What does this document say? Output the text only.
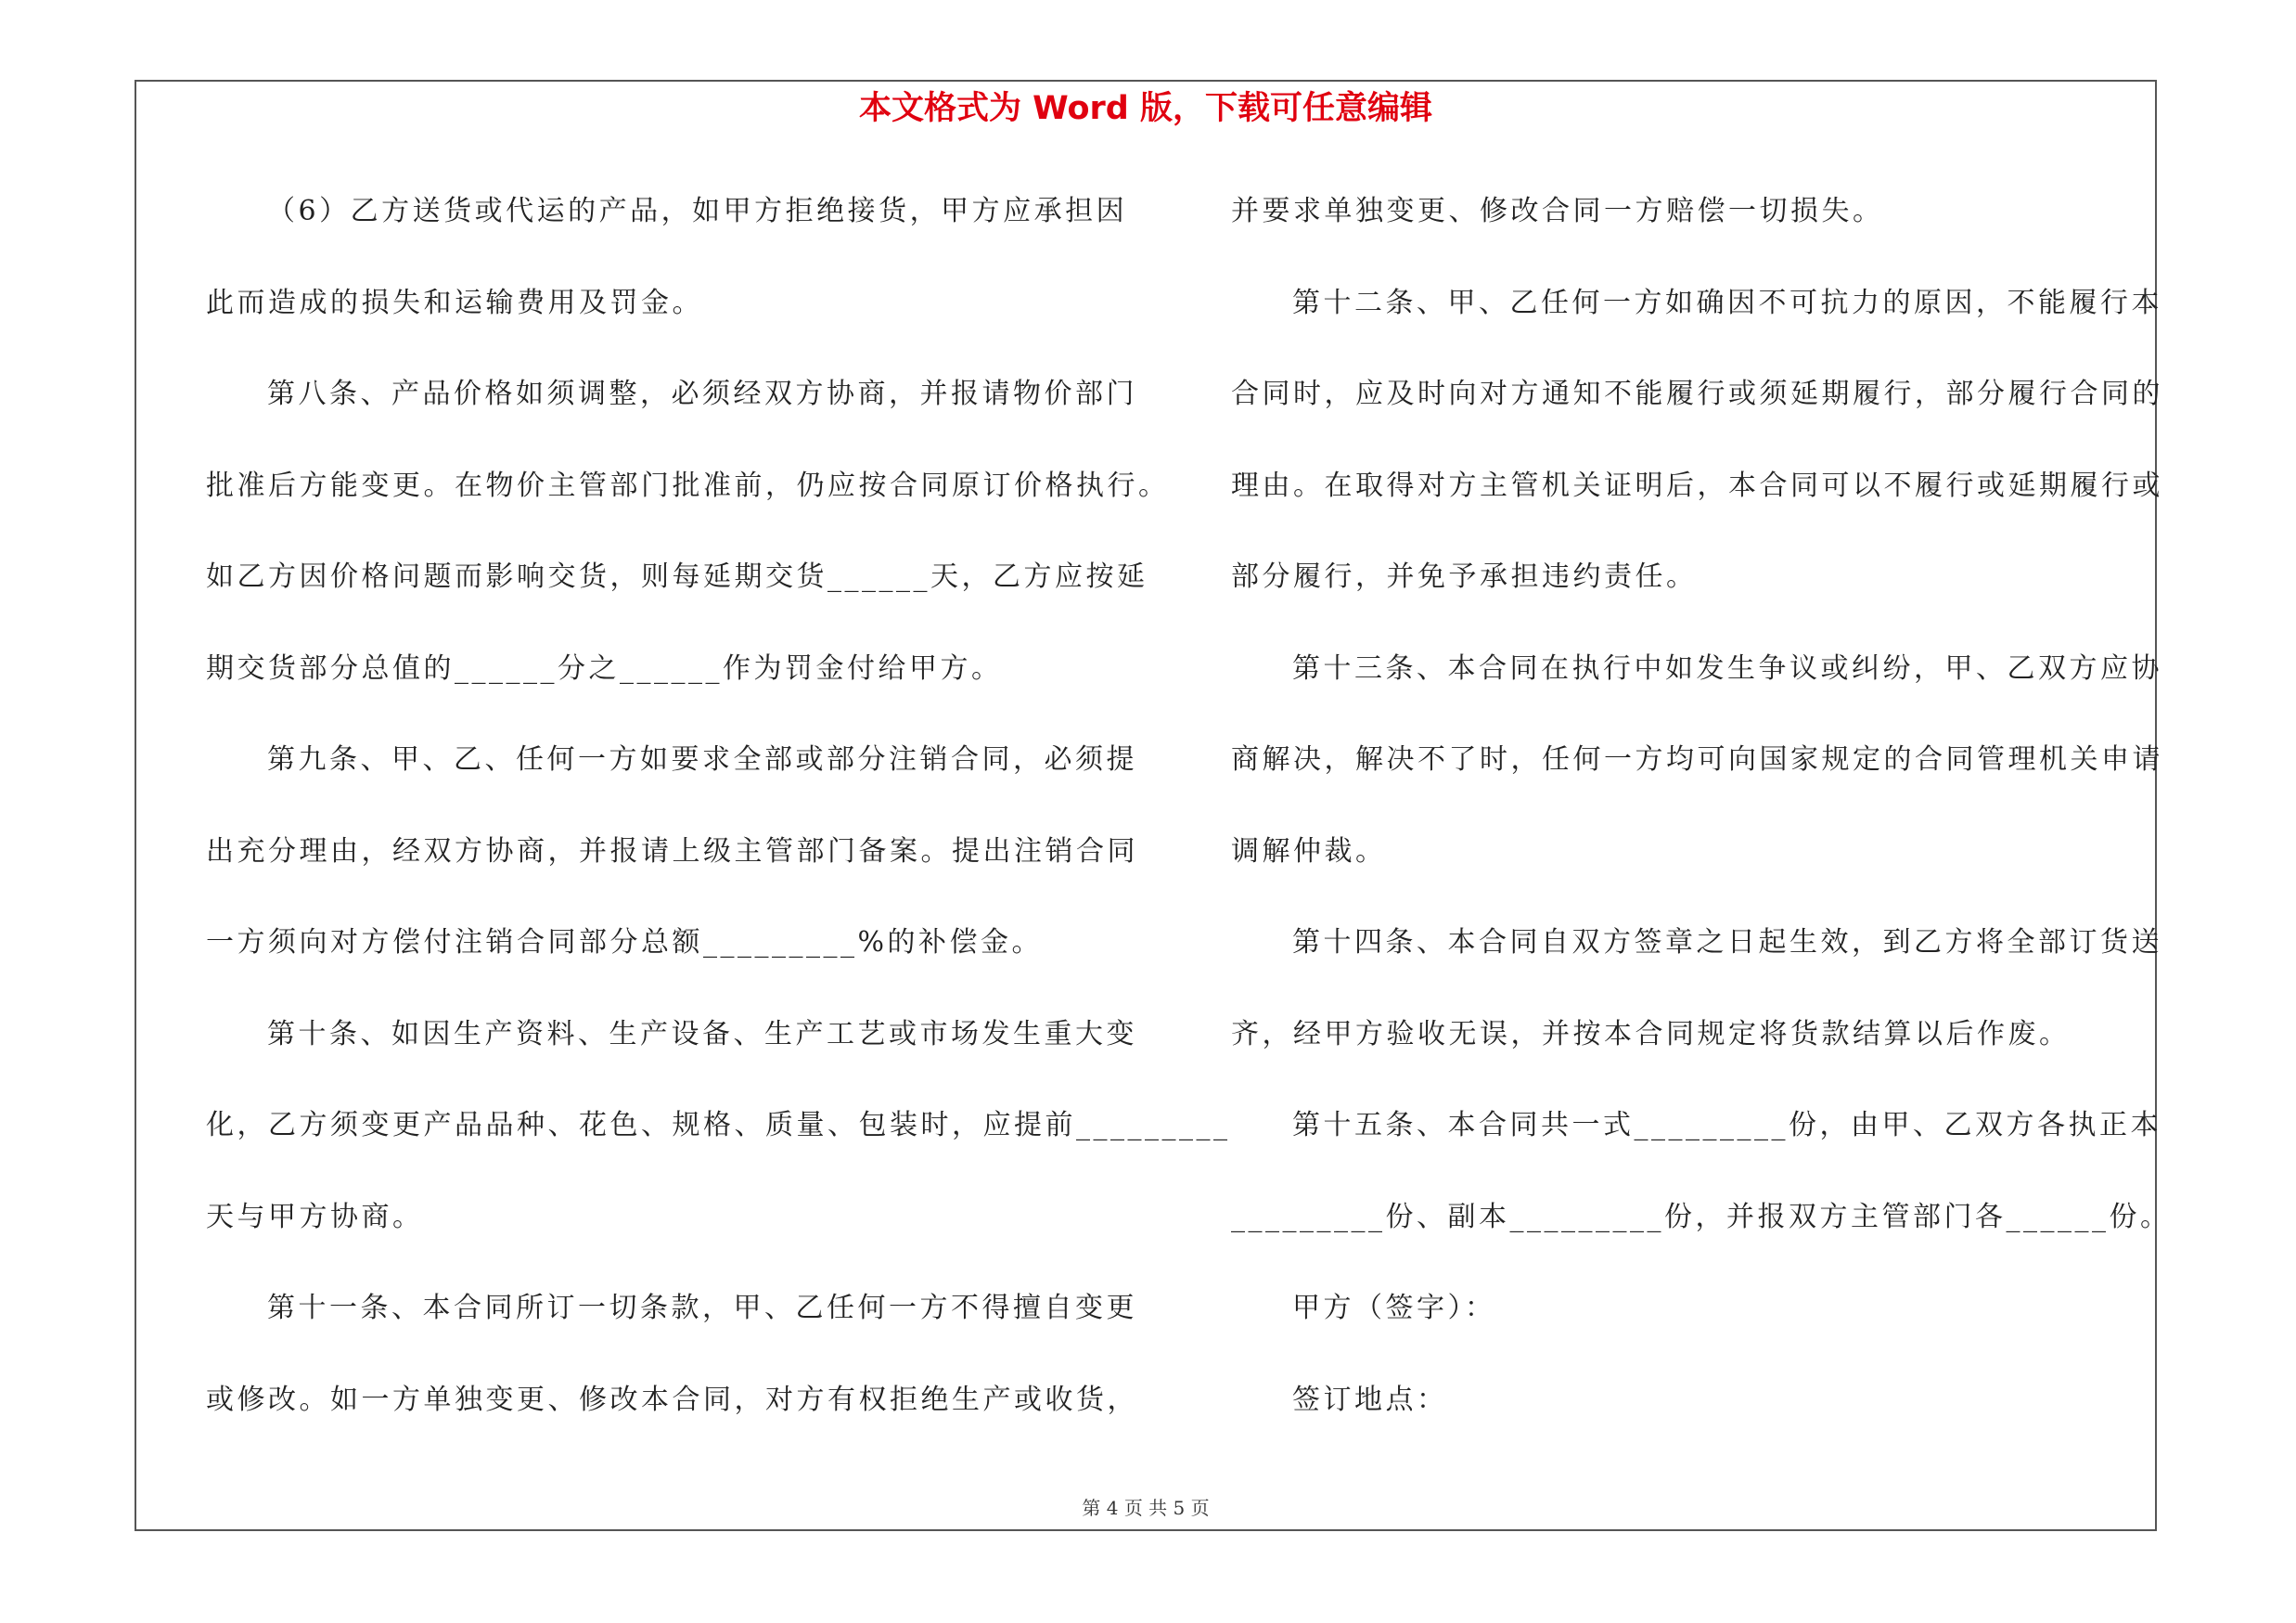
本文格式为 Word 版，下载可任意编辑
（6）乙方送货或代运的产品，如甲方拒绝接货，甲方应承担因
此而造成的损失和运输费用及罚金。
第八条、产品价格如须调整，必须经双方协商，并报请物价部门
批准后方能变更。在物价主管部门批准前，仍应按合同原订价格执行。
如乙方因价格问题而影响交货，则每延期交货______天，乙方应按延
期交货部分总值的______分之______作为罚金付给甲方。
第九条、甲、乙、任何一方如要求全部或部分注销合同，必须提
出充分理由，经双方协商，并报请上级主管部门备案。提出注销合同
一方须向对方偿付注销合同部分总额_________%的补偿金。
第十条、如因生产资料、生产设备、生产工艺或市场发生重大变
化，乙方须变更产品品种、花色、规格、质量、包装时，应提前_________
天与甲方协商。
第十一条、本合同所订一切条款，甲、乙任何一方不得擅自变更
或修改。如一方单独变更、修改本合同，对方有权拒绝生产或收货，
并要求单独变更、修改合同一方赔偿一切损失。
第十二条、甲、乙任何一方如确因不可抗力的原因，不能履行本
合同时，应及时向对方通知不能履行或须延期履行，部分履行合同的
理由。在取得对方主管机关证明后，本合同可以不履行或延期履行或
部分履行，并免予承担违约责任。
第十三条、本合同在执行中如发生争议或纠纷，甲、乙双方应协
商解决，解决不了时，任何一方均可向国家规定的合同管理机关申请
调解仲裁。
第十四条、本合同自双方签章之日起生效，到乙方将全部订货送
齐，经甲方验收无误，并按本合同规定将货款结算以后作废。
第十五条、本合同共一式_________份，由甲、乙双方各执正本
_________份、副本_________份，并报双方主管部门各______份。
甲方（签字）：
签订地点：
第 4 页 共 5 页
